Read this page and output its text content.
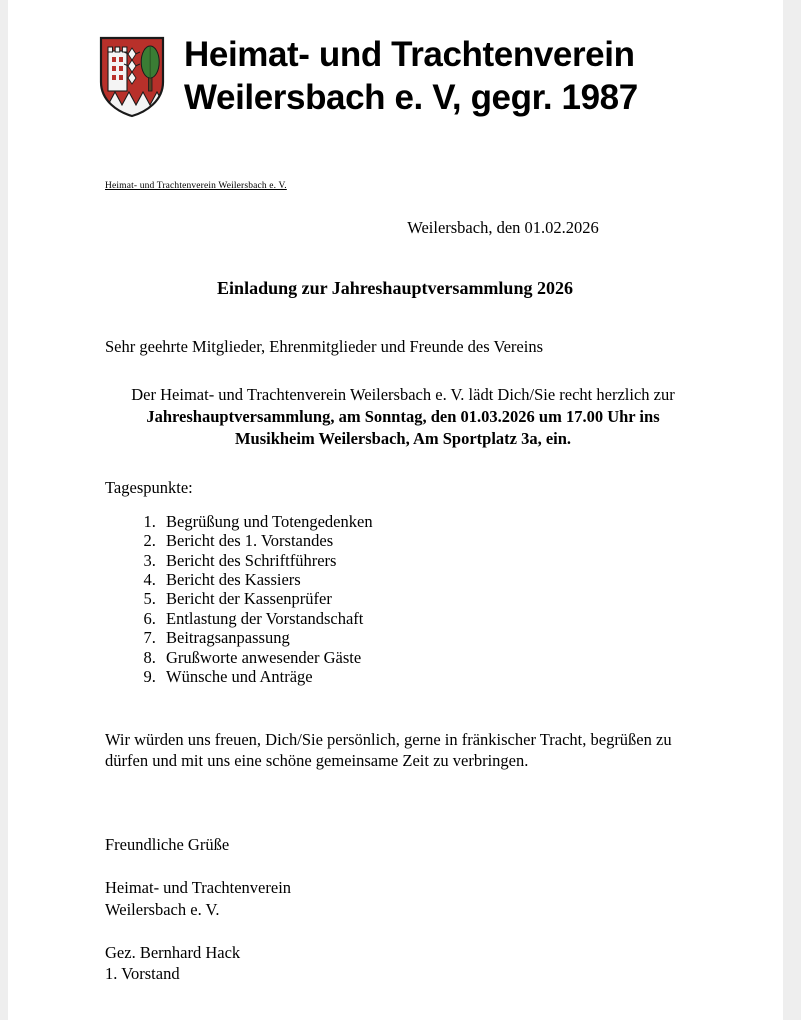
Heimat- und Trachtenverein
Weilersbach e. V, gegr. 1987
Heimat- und Trachtenverein Weilersbach e. V.
Weilersbach, den 01.02.2026
Einladung zur Jahreshauptversammlung 2026
Sehr geehrte Mitglieder, Ehrenmitglieder und Freunde des Vereins

Der Heimat- und Trachtenverein Weilersbach e. V. lädt Dich/Sie recht herzlich zur Jahreshauptversammlung, am Sonntag, den 01.03.2026 um 17.00 Uhr ins Musikheim Weilersbach, Am Sportplatz 3a, ein.

Tagespunkte:
1. Begrüßung und Totengedenken
2. Bericht des 1. Vorstandes
3. Bericht des Schriftführers
4. Bericht des Kassiers
5. Bericht der Kassenprüfer
6. Entlastung der Vorstandschaft
7. Beitragsanpassung
8. Grußworte anwesender Gäste
9. Wünsche und Anträge

Wir würden uns freuen, Dich/Sie persönlich, gerne in fränkischer Tracht, begrüßen zu dürfen und mit uns eine schöne gemeinsame Zeit zu verbringen.

Freundliche Grüße
Heimat- und Trachtenverein
Weilersbach e. V.
Gez. Bernhard Hack
1. Vorstand
